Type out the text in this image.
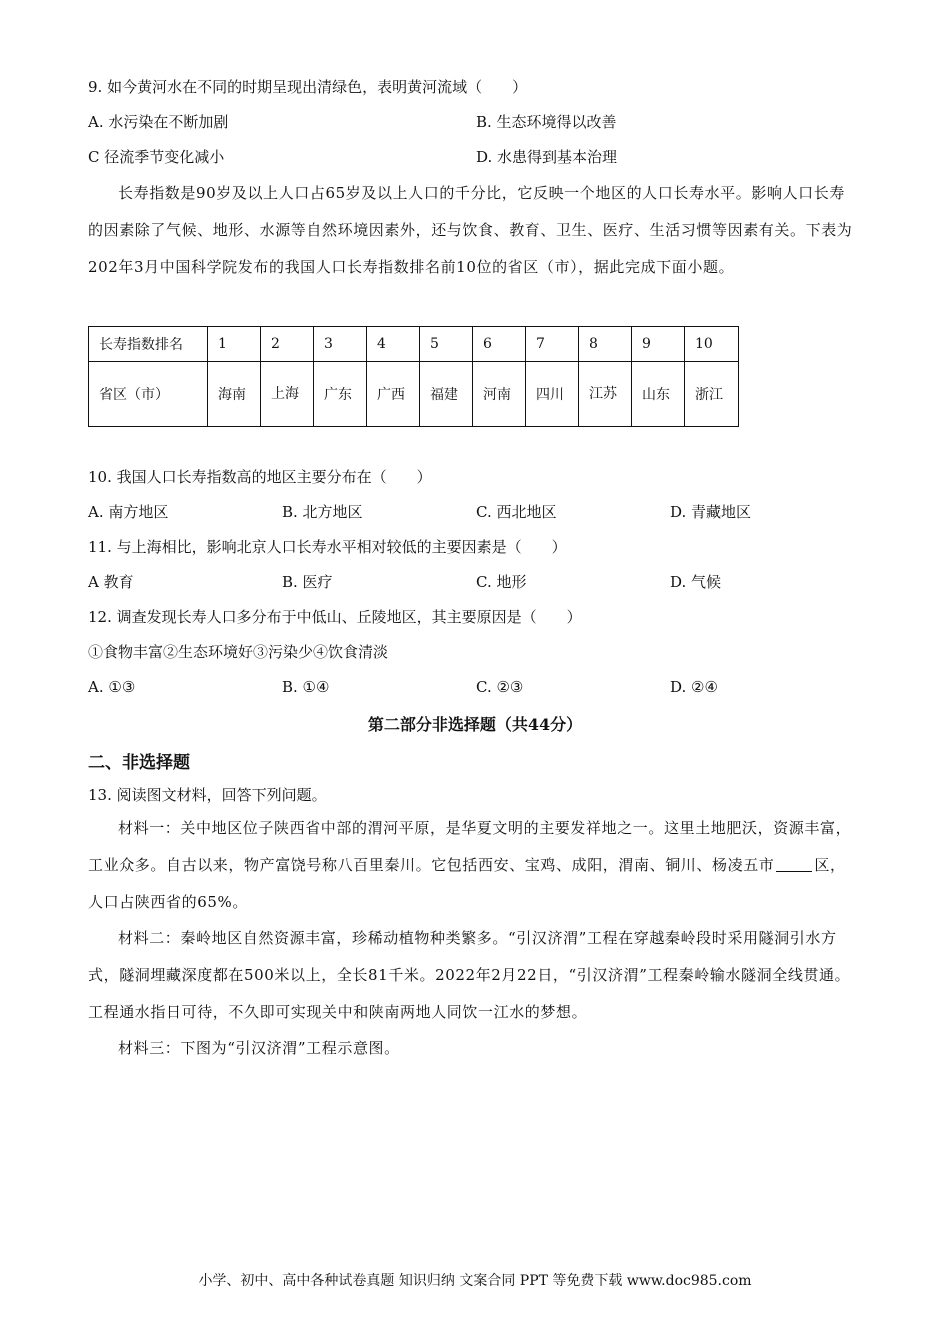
9. 如今黄河水在不同的时期呈现出清绿色，表明黄河流域（　　）
A. 水污染在不断加剧	B. 生态环境得以改善
C 径流季节变化减小	D. 水患得到基本治理
长寿指数是90岁及以上人口占65岁及以上人口的千分比，它反映一个地区的人口长寿水平。影响人口长寿的因素除了气候、地形、水源等自然环境因素外，还与饮食、教育、卫生、医疗、生活习惯等因素有关。下表为202年3月中国科学院发布的我国人口长寿指数排名前10位的省区（市），据此完成下面小题。
长寿指数排名	1	2	3	4	5	6	7	8	9	10
省区（市）	海南	上海	广东	广西	福建	河南	四川	江苏	山东	浙江
10. 我国人口长寿指数高的地区主要分布在（　　）
A. 南方地区	B. 北方地区	C. 西北地区	D. 青藏地区
11. 与上海相比，影响北京人口长寿水平相对较低的主要因素是（　　）
A 教育	B. 医疗	C. 地形	D. 气候
12. 调查发现长寿人口多分布于中低山、丘陵地区，其主要原因是（　　）
①食物丰富②生态环境好③污染少④饮食清淡
A. ①③	B. ①④	C. ②③	D. ②④
第二部分非选择题（共44分）
二、非选择题
13. 阅读图文材料，回答下列问题。
材料一：关中地区位子陕西省中部的渭河平原，是华夏文明的主要发祥地之一。这里土地肥沃，资源丰富，工业众多。自古以来，物产富饶号称八百里秦川。它包括西安、宝鸡、成阳，渭南、铜川、杨凌五市	区，人口占陕西省的65%。
材料二：秦岭地区自然资源丰富，珍稀动植物种类繁多。“引汉济渭”工程在穿越秦岭段时采用隧洞引水方式，隧洞埋藏深度都在500米以上，全长81千米。2022年2月22日，“引汉济渭”工程秦岭输水隧洞全线贯通。工程通水指日可待，不久即可实现关中和陕南两地人同饮一江水的梦想。
材料三：下图为“引汉济渭”工程示意图。
小学、初中、高中各种试卷真题 知识归纳 文案合同 PPT 等免费下载 www.doc985.com
